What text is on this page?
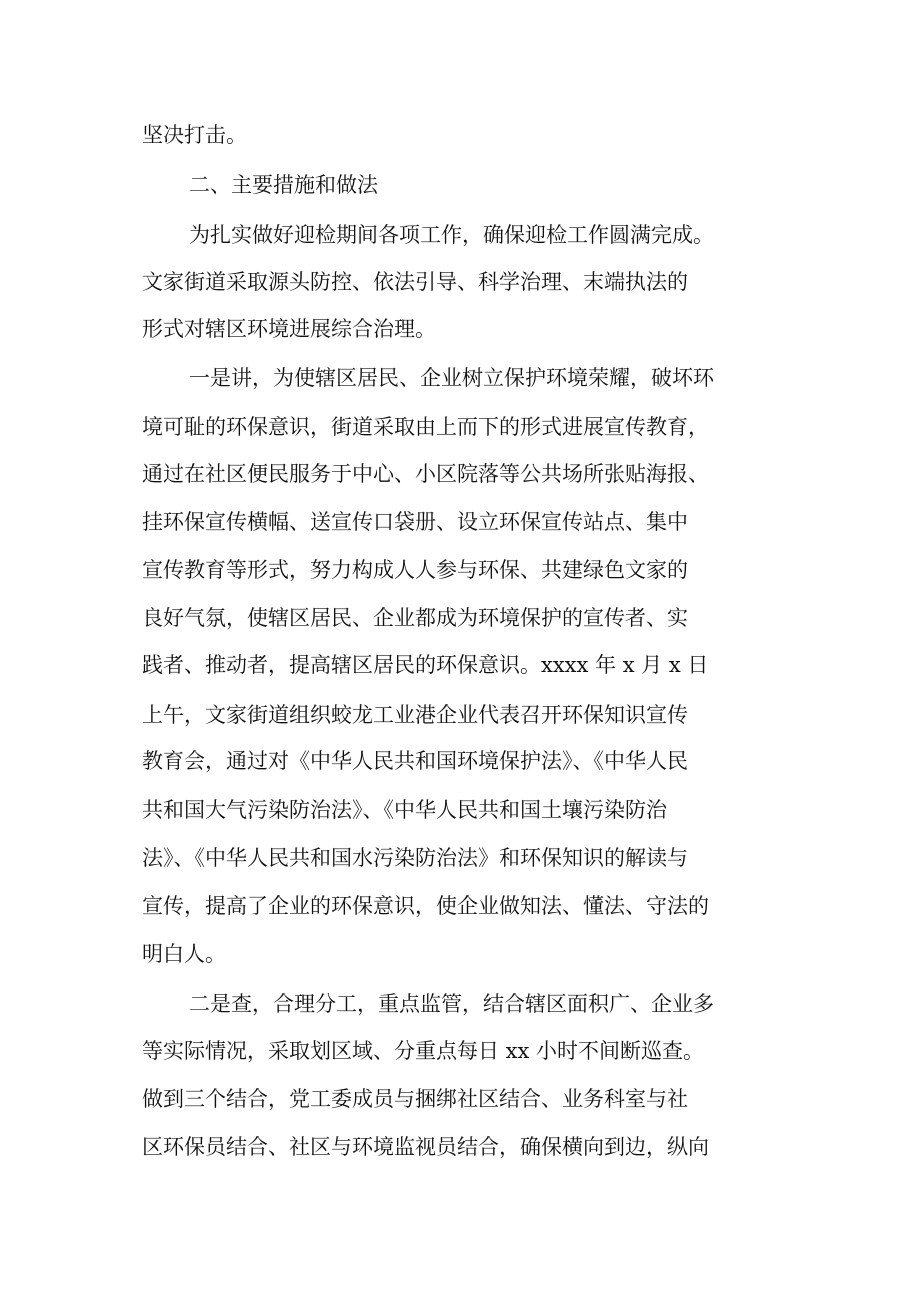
坚决打击。
二、主要措施和做法
为扎实做好迎检期间各项工作，确保迎检工作圆满完成。
文家街道采取源头防控、依法引导、科学治理、末端执法的
形式对辖区环境进展综合治理。
一是讲，为使辖区居民、企业树立保护环境荣耀，破坏环
境可耻的环保意识，街道采取由上而下的形式进展宣传教育，
通过在社区便民服务于中心、小区院落等公共场所张贴海报、
挂环保宣传横幅、送宣传口袋册、设立环保宣传站点、集中
宣传教育等形式，努力构成人人参与环保、共建绿色文家的
良好气氛，使辖区居民、企业都成为环境保护的宣传者、实
践者、推动者，提高辖区居民的环保意识。xxxx 年 x 月 x 日
上午，文家街道组织蛟龙工业港企业代表召开环保知识宣传
教育会，通过对《中华人民共和国环境保护法》、《中华人民
共和国大气污染防治法》、《中华人民共和国土壤污染防治
法》、《中华人民共和国水污染防治法》和环保知识的解读与
宣传，提高了企业的环保意识，使企业做知法、懂法、守法的
明白人。
二是查，合理分工，重点监管，结合辖区面积广、企业多
等实际情况，采取划区域、分重点每日 xx 小时不间断巡查。
做到三个结合，党工委成员与捆绑社区结合、业务科室与社
区环保员结合、社区与环境监视员结合，确保横向到边，纵向
